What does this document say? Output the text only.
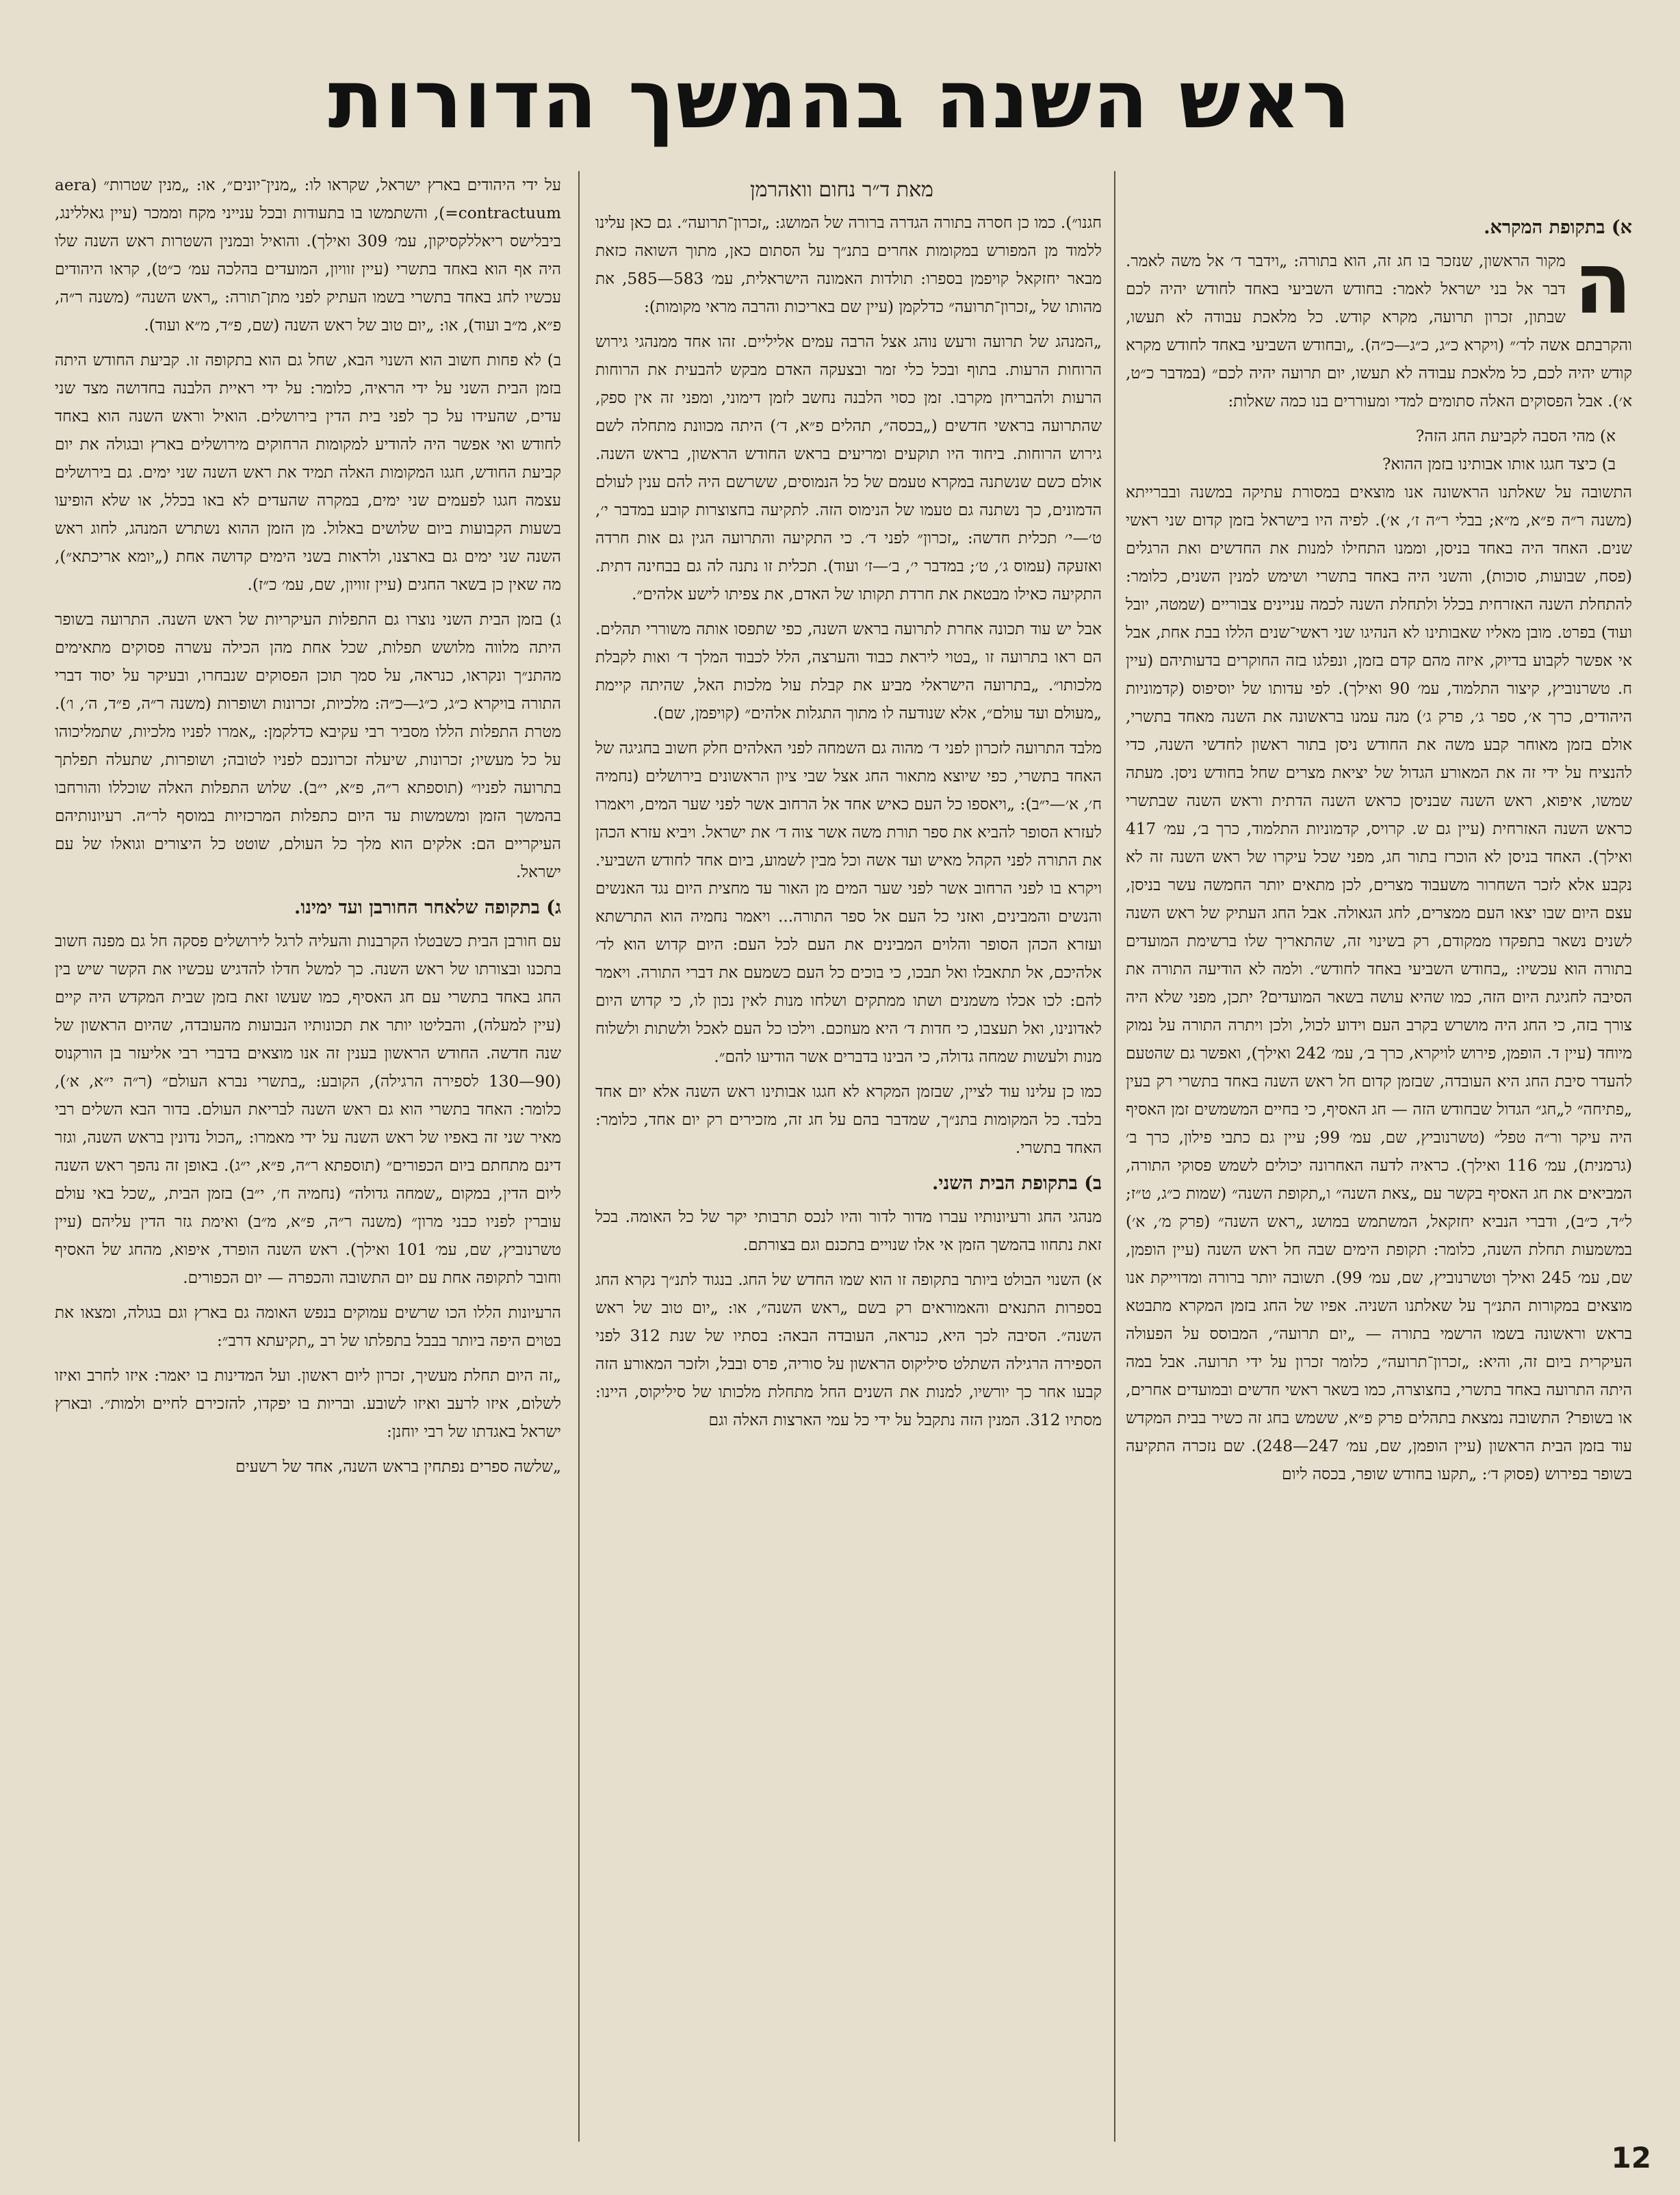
ראש השנה בהמשך הדורות
מאת ד״ר נחום וואהרמן
א) בתקופת המקרא.

ה
מקור הראשון, שנזכר בו חג זה, הוא בתורה: „וידבר ד׳ אל משה לאמר. דבר אל בני ישראל לאמר: בחודש השביעי באחד לחודש יהיה לכם שבתון, זכרון תרועה, מקרא קודש. כל מלאכת עבודה לא תעשו, והקרבתם אשה לד׳״ (ויקרא כ״ג, כ״ג—כ״ה). „ובחודש השביעי באחד לחודש מקרא קודש יהיה לכם, כל מלאכת עבודה לא תעשו, יום תרועה יהיה לכם״ (במדבר כ״ט, א׳). אבל הפסוקים האלה סתומים למדי ומעוררים בנו כמה שאלות:

א) מהי הסבה לקביעת החג הזה?

ב) כיצד חגגו אותו אבותינו בזמן ההוא?

התשובה על שאלתנו הראשונה אנו מוצאים במסורת עתיקה במשנה ובברייתא (משנה ר״ה פ״א, מ״א; בבלי ר״ה ז׳, א׳). לפיה היו בישראל בזמן קדום שני ראשי שנים. האחד היה באחד בניסן, וממנו התחילו למנות את החדשים ואת הרגלים (פסח, שבועות, סוכות), והשני היה באחד בתשרי ושימש למנין השנים, כלומר: להתחלת השנה האזרחית בכלל ולתחלת השנה לכמה עניינים צבוריים (שמטה, יובל ועוד) בפרט. מובן מאליו שאבותינו לא הנהיגו שני ראשי־שנים הללו בבת אחת, אבל אי אפשר לקבוע בדיוק, איזה מהם קדם בזמן, ונפלגו בזה החוקרים בדעותיהם (עיין ח. טשרנוביץ, קיצור התלמוד, עמ׳ 90 ואילך). לפי עדותו של יוסיפוס (קדמוניות היהודים, כרך א׳, ספר ג׳, פרק ג׳) מנה עמנו בראשונה את השנה מאחד בתשרי, אולם בזמן מאוחר קבע משה את החודש ניסן בתור ראשון לחדשי השנה, כדי להנציח על ידי זה את המאורע הגדול של יציאת מצרים שחל בחודש ניסן. מעתה שמשו, איפוא, ראש השנה שבניסן כראש השנה הדתית וראש השנה שבתשרי כראש השנה האזרחית (עיין גם ש. קרויס, קדמוניות התלמוד, כרך ב׳, עמ׳ 417 ואילך). האחד בניסן לא הוכרז בתור חג, מפני שכל עיקרו של ראש השנה זה לא נקבע אלא לזכר השחרור משעבוד מצרים, לכן מתאים יותר החמשה עשר בניסן, עצם היום שבו יצאו העם ממצרים, לחג הגאולה. אבל החג העתיק של ראש השנה לשנים נשאר בתפקדו ממקודם, רק בשינוי זה, שהתאריך שלו ברשימת המועדים בתורה הוא עכשיו: „בחודש השביעי באחד לחודש״. ולמה לא הודיעה התורה את הסיבה לחגיגת היום הזה, כמו שהיא עושה בשאר המועדים? יתכן, מפני שלא היה צורך בזה, כי החג היה מושרש בקרב העם וידוע לכול, ולכן ויתרה התורה על נמוק מיוחד (עיין ד. הופמן, פירוש לויקרא, כרך ב׳, עמ׳ 242 ואילך), ואפשר גם שהטעם להעדר סיבת החג היא העובדה, שבזמן קדום חל ראש השנה באחד בתשרי רק בעין „פתיחה״ ל„חג״ הגדול שבחודש הזה — חג האסיף, כי בחיים המשמשים זמן האסיף היה עיקר ור״ה טפל״ (טשרנוביץ, שם, עמ׳ 99; עיין גם כתבי פילון, כרך ב׳ (גרמנית), עמ׳ 116 ואילך). כראיה לדעה האחרונה יכולים לשמש פסוקי התורה, המביאים את חג האסיף בקשר עם „צאת השנה״ ו„תקופת השנה״ (שמות כ״ג, ט״ז; ל״ד, כ״ב), ודברי הנביא יחזקאל, המשתמש במושג „ראש השנה״ (פרק מ׳, א׳) במשמעות תחלת השנה, כלומר: תקופת הימים שבה חל ראש השנה (עיין הופמן, שם, עמ׳ 245 ואילך וטשרנוביץ, שם, עמ׳ 99). תשובה יותר ברורה ומדוייקת אנו מוצאים במקורות התנ״ך על שאלתנו השניה. אפיו של החג בזמן המקרא מתבטא בראש וראשונה בשמו הרשמי בתורה — „יום תרועה״, המבוסס על הפעולה העיקרית ביום זה, והיא: „זכרון־תרועה״, כלומר זכרון על ידי תרועה. אבל במה היתה התרועה באחד בתשרי, בחצוצרה, כמו בשאר ראשי חדשים ובמועדים אחרים, או בשופר? התשובה נמצאת בתהלים פרק פ״א, ששמש בחג זה כשיר בבית המקדש עוד בזמן הבית הראשון (עיין הופמן, שם, עמ׳ 247—248). שם נזכרה התקיעה בשופר בפירוש (פסוק ד׳: „תקעו בחודש שופר, בכסה ליום

חגנו״). כמו כן חסרה בתורה הגדרה ברורה של המושג: „זכרון־תרועה״. גם כאן עלינו ללמוד מן המפורש במקומות אחרים בתנ״ך על הסתום כאן, מתוך השואה כזאת מבאר יחזקאל קויפמן בספרו: תולדות האמונה הישראלית, עמ׳ 583—585, את מהותו של „זכרון־תרועה״ כדלקמן (עיין שם באריכות והרבה מראי מקומות):

„המנהג של תרועה ורעש נוהג אצל הרבה עמים אליליים. זהו אחד ממנהגי גירוש הרוחות הרעות. בתוף ובכל כלי זמר ובצעקה האדם מבקש להבעית את הרוחות הרעות ולהבריחן מקרבו. זמן כסוי הלבנה נחשב לזמן דימוני, ומפני זה אין ספק, שהתרועה בראשי חדשים („בכסה״, תהלים פ״א, ד׳) היתה מכוונת מתחלה לשם גירוש הרוחות. ביחוד היו תוקעים ומריעים בראש החודש הראשון, בראש השנה. אולם כשם שנשתנה במקרא טעמם של כל הנמוסים, ששרשם היה להם ענין לעולם הדמונים, כך נשתנה גם טעמו של הנימוס הזה. לתקיעה בחצוצרות קובע במדבר י׳, ט׳—י׳ תכלית חדשה: „זכרון״ לפני ד׳. כי התקיעה והתרועה הגין גם אות חרדה ואזעקה (עמוס ג׳, ט׳; במדבר י׳, ב׳—ז׳ ועוד). תכלית זו נתנה לה גם בבחינה דתית. התקיעה כאילו מבטאת את חרדת תקותו של האדם, את צפיתו לישע אלהים״.

אבל יש עוד תכונה אחרת לתרועה בראש השנה, כפי שתפסו אותה משוררי תהלים. הם ראו בתרועה זו „בטוי ליראת כבוד והערצה, הלל לכבוד המלך ד׳ ואות לקבלת מלכותו״. „בתרועה הישראלי מביע את קבלת עול מלכות האל, שהיתה קיימת „מעולם ועד עולם״, אלא שנודעה לו מתוך התגלות אלהים״ (קויפמן, שם).

מלבד התרועה לזכרון לפני ד׳ מהוה גם השמחה לפני האלהים חלק חשוב בחגיגה של האחד בתשרי, כפי שיוצא מתאור החג אצל שבי ציון הראשונים בירושלים (נחמיה ח׳, א׳—י״ב): „ויאספו כל העם כאיש אחד אל הרחוב אשר לפני שער המים, ויאמרו לעזרא הסופר להביא את ספר תורת משה אשר צוה ד׳ את ישראל. ויביא עזרא הכהן את התורה לפני הקהל מאיש ועד אשה וכל מבין לשמוע, ביום אחד לחודש השביעי. ויקרא בו לפני הרחוב אשר לפני שער המים מן האור עד מחצית היום נגד האנשים והנשים והמבינים, ואזני כל העם אל ספר התורה... ויאמר נחמיה הוא התרשתא ועזרא הכהן הסופר והלוים המבינים את העם לכל העם: היום קדוש הוא לד׳ אלהיכם, אל תתאבלו ואל תבכו, כי בוכים כל העם כשמעם את דברי התורה. ויאמר להם: לכו אכלו משמנים ושתו ממתקים ושלחו מנות לאין נכון לו, כי קדוש היום לאדונינו, ואל תעצבו, כי חדות ד׳ היא מעוזכם. וילכו כל העם לאכל ולשתות ולשלוח מנות ולעשות שמחה גדולה, כי הבינו בדברים אשר הודיעו להם״.

כמו כן עלינו עוד לציין, שבזמן המקרא לא חגגו אבותינו ראש השנה אלא יום אחד בלבד. כל המקומות בתנ״ך, שמדבר בהם על חג זה, מזכירים רק יום אחד, כלומר: האחד בתשרי.

ב) בתקופת הבית השני.

מנהגי החג ורעיונותיו עברו מדור לדור והיו לנכס תרבותי יקר של כל האומה. בכל זאת נתחוו בהמשך הזמן אי אלו שנויים בתכנם וגם בצורתם.

א) השנוי הבולט ביותר בתקופה זו הוא שמו החדש של החג. בנגוד לתנ״ך נקרא החג בספרות התנאים והאמוראים רק בשם „ראש השנה״, או: „יום טוב של ראש השנה״. הסיבה לכך היא, כנראה, העובדה הבאה: בסתיו של שנת 312 לפני הספירה הרגילה השתלט סיליקוס הראשון על סוריה, פרס ובבל, ולזכר המאורע הזה קבעו אחר כך יורשיו, למנות את השנים החל מתחלת מלכותו של סיליקוס, היינו: מסתיו 312. המנין הזה נתקבל על ידי כל עמי הארצות האלה וגם

על ידי היהודים בארץ ישראל, שקראו לו: „מנין־יונים״, או: „מנין שטרות״ (aera contractuum=), והשתמשו בו בתעודות ובכל ענייני מקח וממכר (עיין גאללינג, ביבלישס ריאללקסיקון, עמ׳ 309 ואילך). והואיל ובמנין השטרות ראש השנה שלו היה אף הוא באחד בתשרי (עיין זוויון, המועדים בהלכה עמ׳ כ״ט), קראו היהודים עכשיו לחג באחד בתשרי בשמו העתיק לפני מתן־תורה: „ראש השנה״ (משנה ר״ה, פ״א, מ״ב ועוד), או: „יום טוב של ראש השנה (שם, פ״ד, מ״א ועוד).

ב) לא פחות חשוב הוא השנוי הבא, שחל גם הוא בתקופה זו. קביעת החודש היתה בזמן הבית השני על ידי הראיה, כלומר: על ידי ראיית הלבנה בחדושה מצד שני עדים, שהעידו על כך לפני בית הדין בירושלים. הואיל וראש השנה הוא באחד לחודש ואי אפשר היה להודיע למקומות הרחוקים מירושלים בארץ ובגולה את יום קביעת החודש, חגגו המקומות האלה תמיד את ראש השנה שני ימים. גם בירושלים עצמה חגגו לפעמים שני ימים, במקרה שהעדים לא באו בכלל, או שלא הופיעו בשעות הקבועות ביום שלושים באלול. מן הזמן ההוא נשתרש המנהג, לחוג ראש השנה שני ימים גם בארצנו, ולראות בשני הימים קדושה אחת („יומא אריכתא״), מה שאין כן בשאר החגים (עיין זוויון, שם, עמ׳ כ״ז).

ג) בזמן הבית השני נוצרו גם התפלות העיקריות של ראש השנה. התרועה בשופר היתה מלווה מלושש תפלות, שכל אחת מהן הכילה עשרה פסוקים מתאימים מהתנ״ך ונקראו, כנראה, על סמך תוכן הפסוקים שנבחרו, ובעיקר על יסוד דברי התורה בויקרא כ״ג, כ״ג—כ״ה: מלכיות, זכרונות ושופרות (משנה ר״ה, פ״ד, ה׳, ו׳). מטרת התפלות הללו מסביר רבי עקיבא כדלקמן: „אמרו לפניו מלכיות, שתמליכוהו על כל מעשיו; זכרונות, שיעלה זכרונכם לפניו לטובה; ושופרות, שתעלה תפלתך בתרועה לפניו״ (תוספתא ר״ה, פ״א, י״ב). שלוש התפלות האלה שוכללו והורחבו בהמשך הזמן ומשמשות עד היום כתפלות המרכזיות במוסף לר״ה. רעיונותיהם העיקריים הם: אלקים הוא מלך כל העולם, שוטט כל היצורים וגואלו של עם ישראל.

ג) בתקופה שלאחר החורבן ועד ימינו.

עם חורבן הבית כשבטלו הקרבנות והעליה לרגל לירושלים פסקה חל גם מפנה חשוב בתכנו ובצורתו של ראש השנה. כך למשל חדלו להדגיש עכשיו את הקשר שיש בין החג באחד בתשרי עם חג האסיף, כמו שעשו זאת בזמן שבית המקדש היה קיים (עיין למעלה), והבליטו יותר את תכונותיו הנבועות מהעובדה, שהיום הראשון של שנה חדשה. החודש הראשון בענין זה אנו מוצאים בדברי רבי אליעזר בן הורקנוס (90—130 לספירה הרגילה), הקובע: „בתשרי נברא העולם״ (ר״ה י״א, א׳), כלומר: האחד בתשרי הוא גם ראש השנה לבריאת העולם. בדור הבא השלים רבי מאיר שני זה באפיו של ראש השנה על ידי מאמרו: „הכול נדונין בראש השנה, וגזר דינם מתחתם ביום הכפורים״ (תוספתא ר״ה, פ״א, י״ג). באופן זה נהפך ראש השנה ליום הדין, במקום „שמחה גדולה״ (נחמיה ח׳, י״ב) בזמן הבית, „שכל באי עולם עוברין לפניו כבני מרון״ (משנה ר״ה, פ״א, מ״ב) ואימת גזר הדין עליהם (עיין טשרנוביץ, שם, עמ׳ 101 ואילך). ראש השנה הופרד, איפוא, מהחג של האסיף וחובר לתקופה אחת עם יום התשובה והכפרה — יום הכפורים.

הרעיונות הללו הכו שרשים עמוקים בנפש האומה גם בארץ וגם בגולה, ומצאו את בטוים היפה ביותר בבבל בתפלתו של רב „תקיעתא דרב״:

„זה היום תחלת מעשיך, זכרון ליום ראשון. ועל המדינות בו יאמר: איזו לחרב ואיזו לשלום, איזו לרעב ואיזו לשובע. ובריות בו יפקדו, להזכירם לחיים ולמות״. ובארץ ישראל באגדתו של רבי יוחנן:

„שלשה ספרים נפתחין בראש השנה, אחד של רשעים

12
